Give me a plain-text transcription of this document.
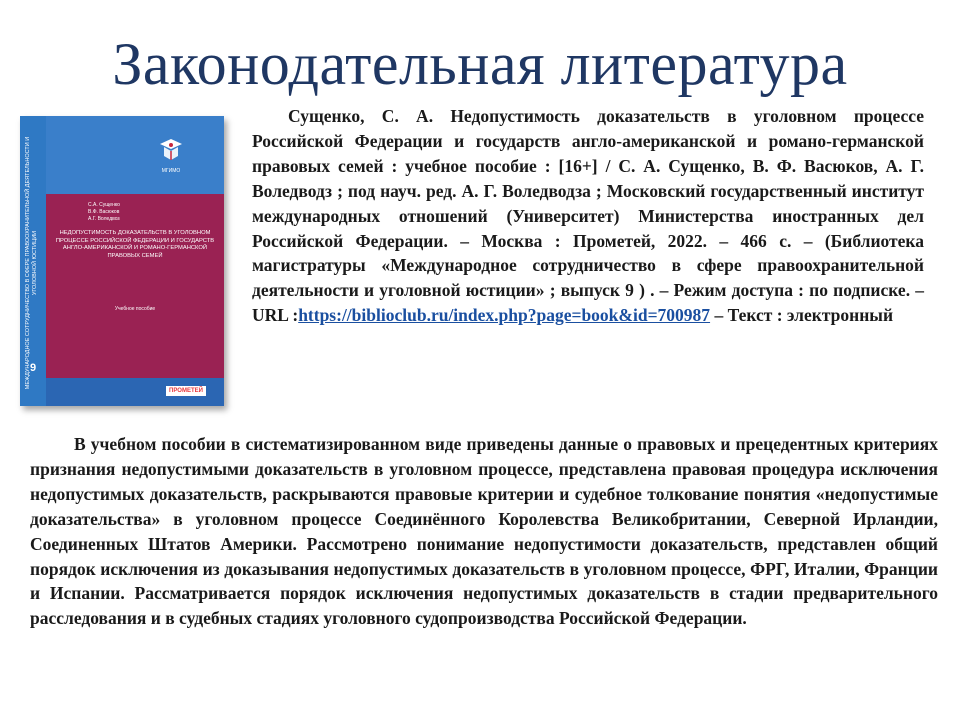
Законодательная литература
МЕЖДУНАРОДНОЕ СОТРУДНИЧЕСТВО В СФЕРЕ ПРАВООХРАНИТЕЛЬНОЙ ДЕЯТЕЛЬНОСТИ И УГОЛОВНОЙ ЮСТИЦИИ
9
МГИМО
С.А. Сущенко
В.Ф. Васюков
А.Г. Воледвоз
НЕДОПУСТИМОСТЬ ДОКАЗАТЕЛЬСТВ В УГОЛОВНОМ ПРОЦЕССЕ РОССИЙСКОЙ ФЕДЕРАЦИИ И ГОСУДАРСТВ АНГЛО-АМЕРИКАНСКОЙ И РОМАНО-ГЕРМАНСКОЙ ПРАВОВЫХ СЕМЕЙ
Учебное пособие
ПРОМЕТЕЙ
Сущенко, С. А. Недопустимость доказательств в уголовном процессе Российской Федерации и государств англо-американской и романо-германской правовых семей : учебное пособие : [16+] / С. А. Сущенко, В. Ф. Васюков, А. Г. Воледводз ; под науч. ред. А. Г. Воледводза ; Московский государственный институт международных отношений (Университет) Министерства иностранных дел Российской Федерации. – Москва : Прометей, 2022. – 466 с. – (Библиотека магистратуры «Международное сотрудничество в сфере правоохранительной деятельности и уголовной юстиции» ; выпуск 9 ) . – Режим доступа : по подписке. – URL :https://biblioclub.ru/index.php?page=book&id=700987 – Текст : электронный
В учебном пособии в систематизированном виде приведены данные о правовых и прецедентных критериях признания недопустимыми доказательств в уголовном процессе, представлена правовая процедура исключения недопустимых доказательств, раскрываются правовые критерии и судебное толкование понятия «недопустимые доказательства» в уголовном процессе Соединённого Королевства Великобритании, Северной Ирландии, Соединенных Штатов Америки. Рассмотрено понимание недопустимости доказательств, представлен общий порядок исключения из доказывания недопустимых доказательств в уголовном процессе, ФРГ, Италии, Франции и Испании. Рассматривается порядок исключения недопустимых доказательств в стадии предварительного расследования и в судебных стадиях уголовного судопроизводства Российской Федерации.
